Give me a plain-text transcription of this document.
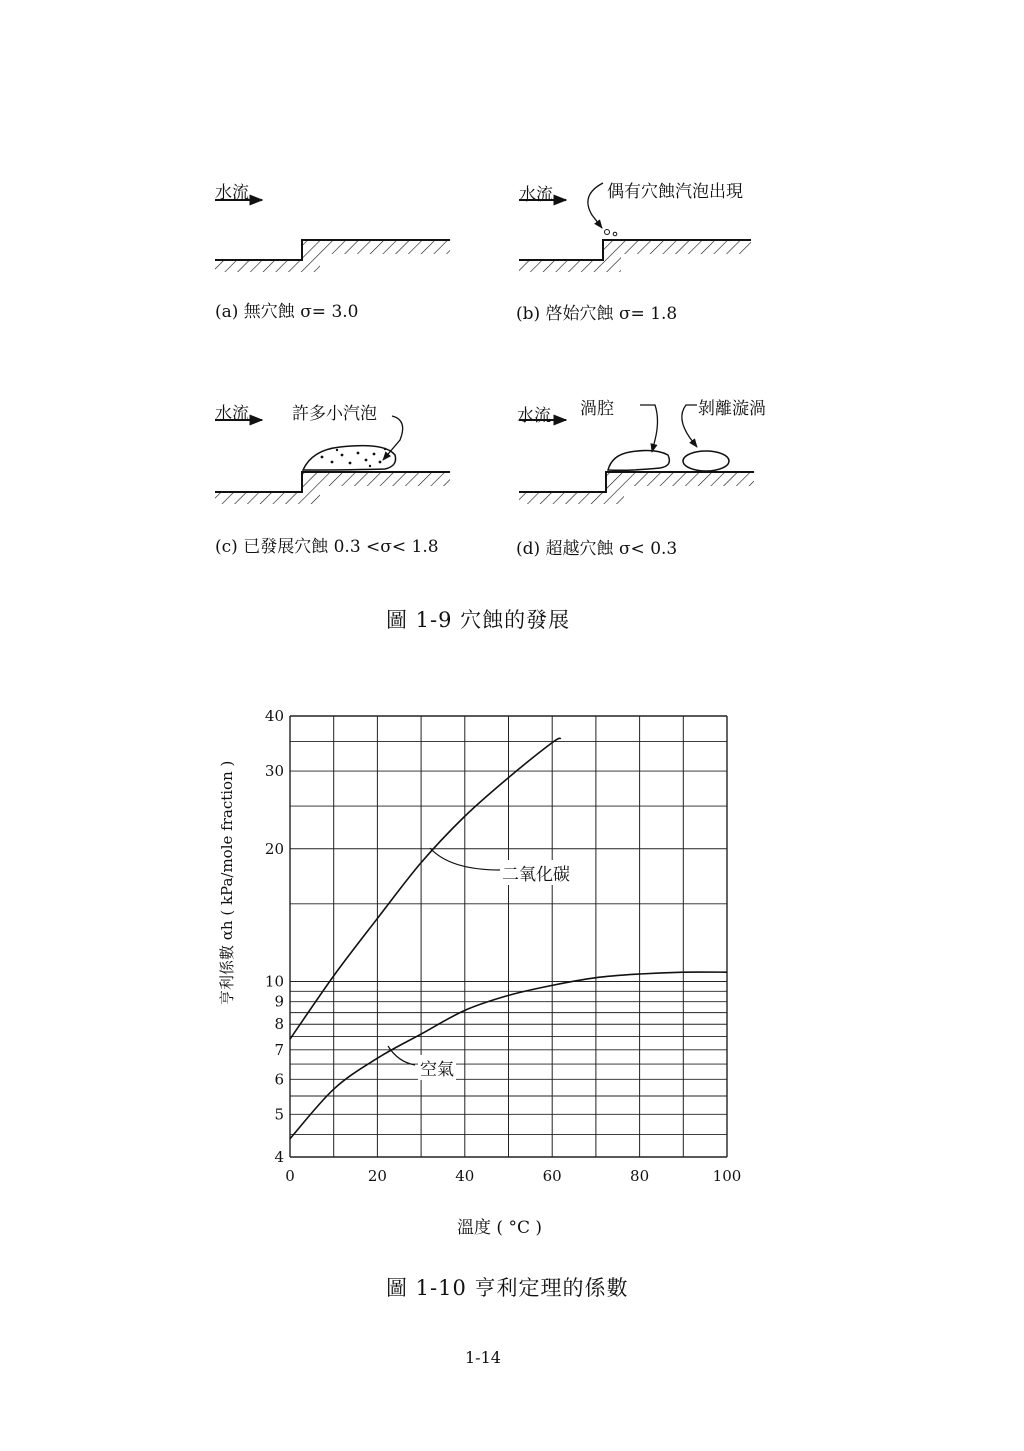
水流	水流
水流	水流
偶有穴蝕汽泡出現
許多小汽泡	渦腔	剝離漩渦
(a) 無穴蝕 σ= 3.0	(b) 啓始穴蝕 σ= 1.8
(c) 已發展穴蝕 0.3 <σ< 1.8	(d) 超越穴蝕 σ< 0.3
圖 1-9 穴蝕的發展
0	20	40	60	80	100
4
5
6
7
8
9
10
20
30
40
二氧化碳
空氣
亨利係數 αh ( kPa/mole fraction )
溫度 ( °C )
圖 1-10 亨利定理的係數
1-14
